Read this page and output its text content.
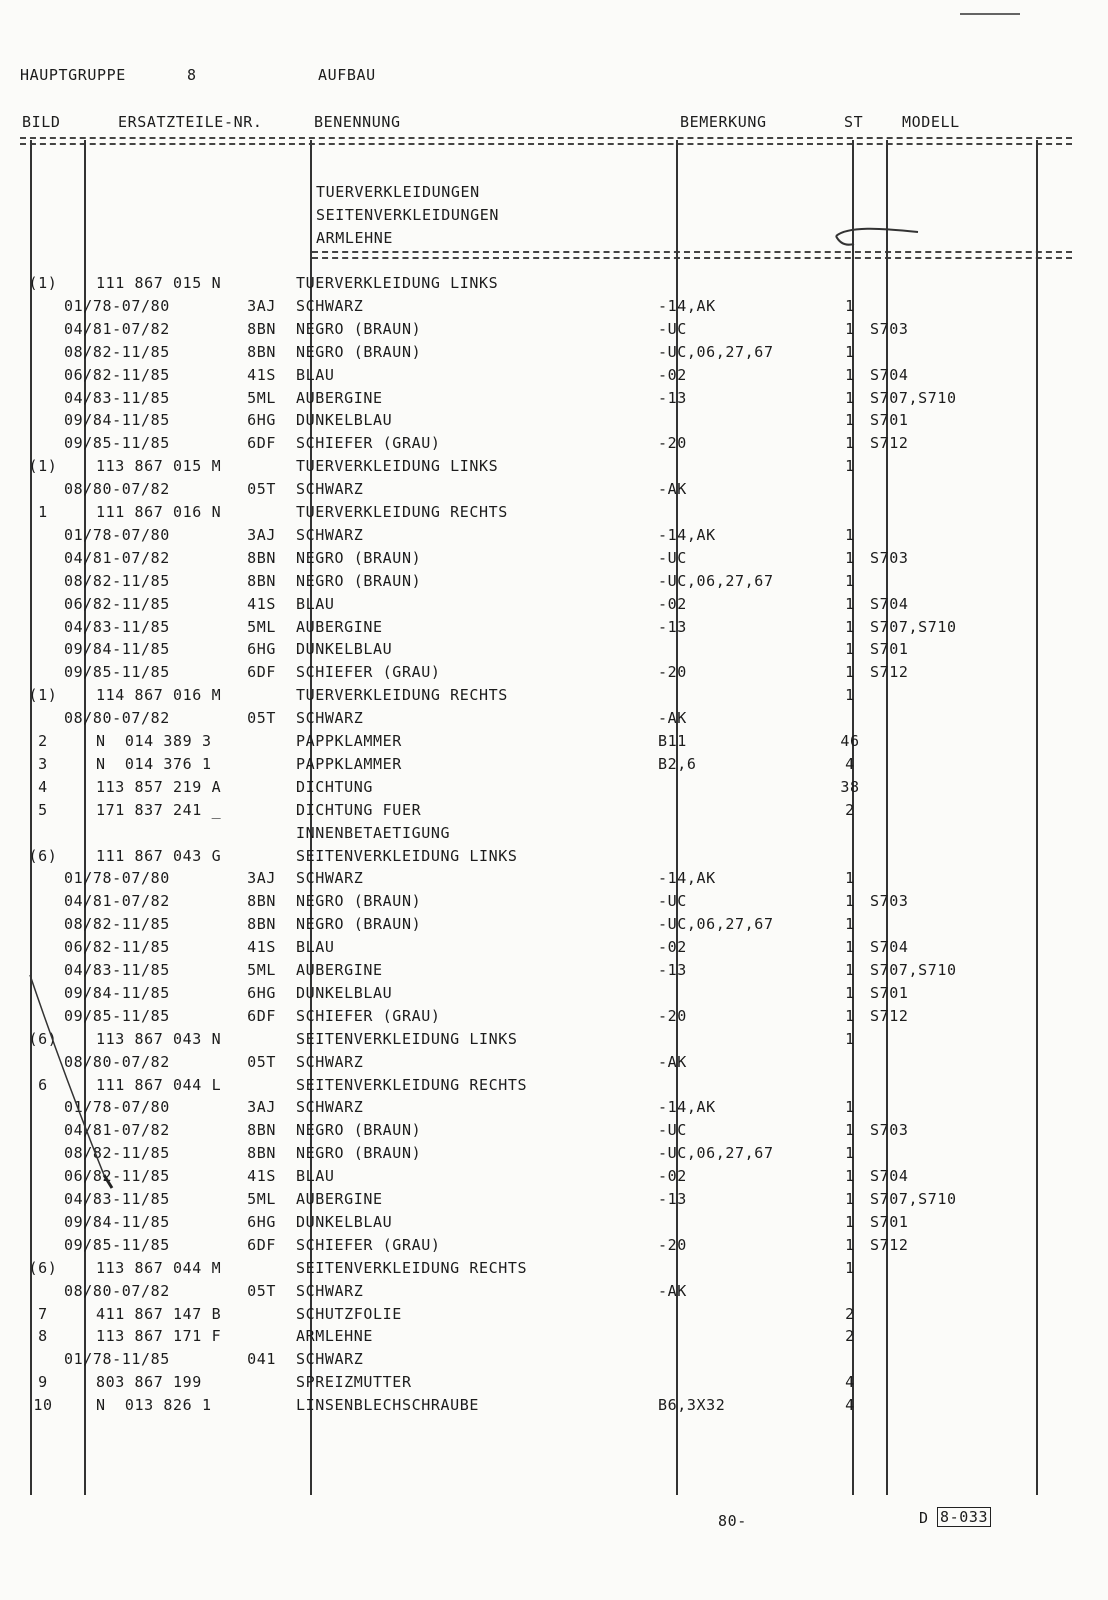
HAUPTGRUPPE	8	AUFBAU
BILD	ERSATZTEILE-NR.	BENENNUNG	BEMERKUNG	ST	MODELL
TUERVERKLEIDUNGEN
SEITENVERKLEIDUNGEN
ARMLEHNE
(1)	111 867 015 N	TUERVERKLEIDUNG LINKS
01/78-07/80	3AJ SCHWARZ	-14,AK	1
04/81-07/82	8BN NEGRO (BRAUN)	-UC	1	S703
08/82-11/85	8BN NEGRO (BRAUN)	-UC,06,27,67	1
06/82-11/85	41S BLAU	-02	1	S704
04/83-11/85	5ML AUBERGINE	-13	1	S707,S710
09/84-11/85	6HG DUNKELBLAU	1	S701
09/85-11/85	6DF SCHIEFER (GRAU)	-20	1	S712
(1)	113 867 015 M	TUERVERKLEIDUNG LINKS	1
08/80-07/82	05T SCHWARZ	-AK
1	111 867 016 N	TUERVERKLEIDUNG RECHTS
01/78-07/80	3AJ SCHWARZ	-14,AK	1
04/81-07/82	8BN NEGRO (BRAUN)	-UC	1	S703
08/82-11/85	8BN NEGRO (BRAUN)	-UC,06,27,67	1
06/82-11/85	41S BLAU	-02	1	S704
04/83-11/85	5ML AUBERGINE	-13	1	S707,S710
09/84-11/85	6HG DUNKELBLAU	1	S701
09/85-11/85	6DF SCHIEFER (GRAU)	-20	1	S712
(1)	114 867 016 M	TUERVERKLEIDUNG RECHTS	1
08/80-07/82	05T SCHWARZ	-AK
2	N  014 389 3	PAPPKLAMMER	B11	46
3	N  014 376 1	PAPPKLAMMER	B2,6	4
4	113 857 219 A	DICHTUNG	38
5	171 837 241 _	DICHTUNG FUER	2
INNENBETAETIGUNG
(6)	111 867 043 G	SEITENVERKLEIDUNG LINKS
01/78-07/80	3AJ SCHWARZ	-14,AK	1
04/81-07/82	8BN NEGRO (BRAUN)	-UC	1	S703
08/82-11/85	8BN NEGRO (BRAUN)	-UC,06,27,67	1
06/82-11/85	41S BLAU	-02	1	S704
04/83-11/85	5ML AUBERGINE	-13	1	S707,S710
09/84-11/85	6HG DUNKELBLAU	1	S701
09/85-11/85	6DF SCHIEFER (GRAU)	-20	1	S712
(6)	113 867 043 N	SEITENVERKLEIDUNG LINKS	1
08/80-07/82	05T SCHWARZ	-AK
6	111 867 044 L	SEITENVERKLEIDUNG RECHTS
01/78-07/80	3AJ SCHWARZ	-14,AK	1
04/81-07/82	8BN NEGRO (BRAUN)	-UC	1	S703
08/82-11/85	8BN NEGRO (BRAUN)	-UC,06,27,67	1
06/82-11/85	41S BLAU	-02	1	S704
04/83-11/85	5ML AUBERGINE	-13	1	S707,S710
09/84-11/85	6HG DUNKELBLAU	1	S701
09/85-11/85	6DF SCHIEFER (GRAU)	-20	1	S712
(6)	113 867 044 M	SEITENVERKLEIDUNG RECHTS	1
08/80-07/82	05T SCHWARZ	-AK
7	411 867 147 B	SCHUTZFOLIE	2
8	113 867 171 F	ARMLEHNE	2
01/78-11/85	041 SCHWARZ
9	803 867 199	SPREIZMUTTER	4
10	N  013 826 1	LINSENBLECHSCHRAUBE	B6,3X32	4
80-	D 8-033
